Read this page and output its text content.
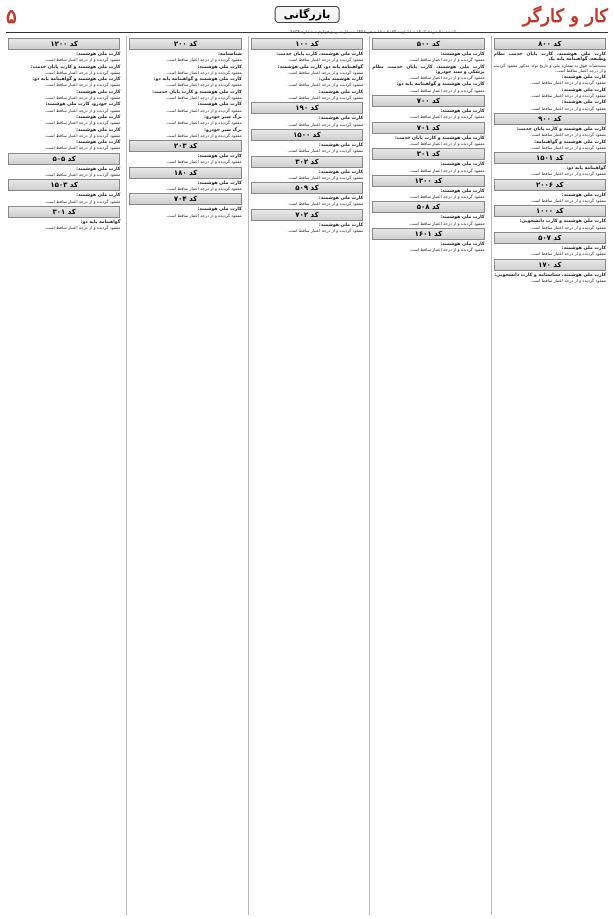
کار و کارگر
بازرگانی
۵
یکشنبه ۲۰ مرداد ۱۴۰۳ - ۱۱ اوت ۲۰۲۴ - ۱۶ صفر ۱۴۴۶ - سال سی و چهارم - شماره ۹۸۳۴
کد ۸۰۰
کارت ملی هوشمند، کارت پایان خدمت نظام وظیفه، گواهینامه پایه یک
مشخصات فوق به شماره ملی و تاریخ تولد مذکور مفقود گردیده و از درجه اعتبار ساقط است.
کارت ملی هوشمند:
مفقود گردیده و از درجه اعتبار ساقط است.
کارت ملی هوشمند:
مفقود گردیده و از درجه اعتبار ساقط است.
کارت ملی هوشمند:
مفقود گردیده و از درجه اعتبار ساقط است.
کد ۹۰۰
کارت ملی هوشمند و کارت پایان خدمت:
مفقود گردیده و از درجه اعتبار ساقط است.
کارت ملی هوشمند و گواهینامه:
مفقود گردیده و از درجه اعتبار ساقط است.
کد ۱۵۰۱
گواهینامه پایه دو:
مفقود گردیده و از درجه اعتبار ساقط است.
کد ۲۰۰۶
کارت ملی هوشمند:
مفقود گردیده و از درجه اعتبار ساقط است.
کد ۱۰۰۰
کارت ملی هوشمند و کارت دانشجویی:
مفقود گردیده و از درجه اعتبار ساقط است.
کد ۵۰۷
کارت ملی هوشمند:
مفقود گردیده و از درجه اعتبار ساقط است.
کد ۱۷۰
کارت ملی هوشمند، شناسنامه و کارت دانشجویی:
مفقود گردیده و از درجه اعتبار ساقط است.
کد ۵۰۰
کارت ملی هوشمند:
مفقود گردیده و از درجه اعتبار ساقط است.
کارت ملی هوشمند، کارت پایان خدمت، نظام پزشکی و سند خودرو:
مفقود گردیده و از درجه اعتبار ساقط است.
کارت ملی هوشمند و گواهینامه پایه دو:
مفقود گردیده و از درجه اعتبار ساقط است.
کد ۷۰۰
کارت ملی هوشمند:
مفقود گردیده و از درجه اعتبار ساقط است.
کد ۷۰۱
کارت ملی هوشمند و کارت پایان خدمت:
مفقود گردیده و از درجه اعتبار ساقط است.
کد ۳۰۱
کارت ملی هوشمند:
مفقود گردیده و از درجه اعتبار ساقط است.
کد ۱۳۰۰
کارت ملی هوشمند:
مفقود گردیده و از درجه اعتبار ساقط است.
کد ۵۰۸
کارت ملی هوشمند:
مفقود گردیده و از درجه اعتبار ساقط است.
کد ۱۶۰۱
کارت ملی هوشمند:
مفقود گردیده و از درجه اعتبار ساقط است.
کد ۱۰۰
کارت ملی هوشمند، کارت پایان خدمت:
مفقود گردیده و از درجه اعتبار ساقط است.
گواهینامه پایه دو، کارت ملی هوشمند:
مفقود گردیده و از درجه اعتبار ساقط است.
کارت هوشمند ملی:
مفقود گردیده و از درجه اعتبار ساقط است.
کارت ملی هوشمند:
مفقود گردیده و از درجه اعتبار ساقط است.
کد ۱۹۰
کارت ملی هوشمند:
مفقود گردیده و از درجه اعتبار ساقط است.
کد ۱۵۰۰
کارت ملی هوشمند:
مفقود گردیده و از درجه اعتبار ساقط است.
کد ۳۰۲
کارت ملی هوشمند:
مفقود گردیده و از درجه اعتبار ساقط است.
کد ۵۰۹
کارت ملی هوشمند:
مفقود گردیده و از درجه اعتبار ساقط است.
کد ۷۰۲
کارت ملی هوشمند:
مفقود گردیده و از درجه اعتبار ساقط است.
کد ۲۰۰
شناسنامه:
مفقود گردیده و از درجه اعتبار ساقط است.
کارت ملی هوشمند:
مفقود گردیده و از درجه اعتبار ساقط است.
کارت ملی هوشمند و گواهینامه پایه دو:
مفقود گردیده و از درجه اعتبار ساقط است.
کارت ملی هوشمند و کارت پایان خدمت:
مفقود گردیده و از درجه اعتبار ساقط است.
کارت ملی هوشمند:
مفقود گردیده و از درجه اعتبار ساقط است.
برگ سبز خودرو:
مفقود گردیده و از درجه اعتبار ساقط است.
برگ سبز خودرو:
مفقود گردیده و از درجه اعتبار ساقط است.
کد ۲۰۳
کارت ملی هوشمند:
مفقود گردیده و از درجه اعتبار ساقط است.
کد ۱۸۰
کارت ملی هوشمند:
مفقود گردیده و از درجه اعتبار ساقط است.
کد ۷۰۴
کارت ملی هوشمند:
مفقود گردیده و از درجه اعتبار ساقط است.
کد ۱۲۰۰
کارت ملی هوشمند:
مفقود گردیده و از درجه اعتبار ساقط است.
کارت ملی هوشمند و کارت پایان خدمت:
مفقود گردیده و از درجه اعتبار ساقط است.
کارت ملی هوشمند و گواهینامه پایه دو:
مفقود گردیده و از درجه اعتبار ساقط است.
کارت ملی هوشمند:
مفقود گردیده و از درجه اعتبار ساقط است.
کارت خودرو، کارت ملی هوشمند:
مفقود گردیده و از درجه اعتبار ساقط است.
کارت ملی هوشمند:
مفقود گردیده و از درجه اعتبار ساقط است.
کارت ملی هوشمند:
مفقود گردیده و از درجه اعتبار ساقط است.
کارت ملی هوشمند:
مفقود گردیده و از درجه اعتبار ساقط است.
کد ۵۰۵
کارت ملی هوشمند:
مفقود گردیده و از درجه اعتبار ساقط است.
کد ۱۵۰۳
کارت ملی هوشمند:
مفقود گردیده و از درجه اعتبار ساقط است.
کد ۳۰۱
گواهینامه پایه دو:
مفقود گردیده و از درجه اعتبار ساقط است.
